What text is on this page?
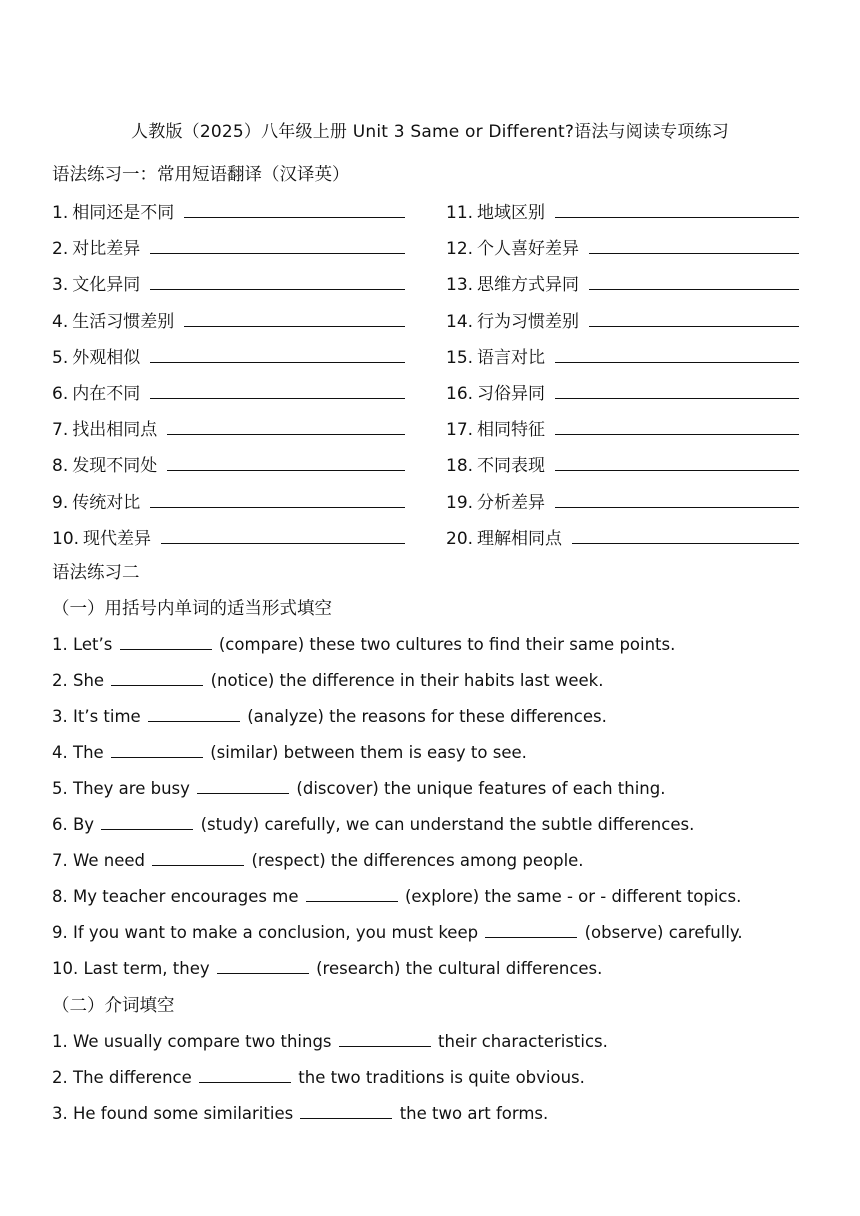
人教版（2025）八年级上册 Unit 3 Same or Different?语法与阅读专项练习
语法练习一：常用短语翻译（汉译英）
1. 相同还是不同	11. 地域区别
2. 对比差异	12. 个人喜好差异
3. 文化异同	13. 思维方式异同
4. 生活习惯差别	14. 行为习惯差别
5. 外观相似	15. 语言对比
6. 内在不同	16. 习俗异同
7. 找出相同点	17. 相同特征
8. 发现不同处	18. 不同表现
9. 传统对比	19. 分析差异
10. 现代差异	20. 理解相同点
语法练习二
（一）用括号内单词的适当形式填空
1. Let’s	(compare) these two cultures to find their same points.
2. She	(notice) the difference in their habits last week.
3. It’s time	(analyze) the reasons for these differences.
4. The	(similar) between them is easy to see.
5. They are busy	(discover) the unique features of each thing.
6. By	(study) carefully, we can understand the subtle differences.
7. We need	(respect) the differences among people.
8. My teacher encourages me	(explore) the same - or - different topics.
9. If you want to make a conclusion, you must keep	(observe) carefully.
10. Last term, they	(research) the cultural differences.
（二）介词填空
1. We usually compare two things	their characteristics.
2. The difference	the two traditions is quite obvious.
3. He found some similarities	the two art forms.
